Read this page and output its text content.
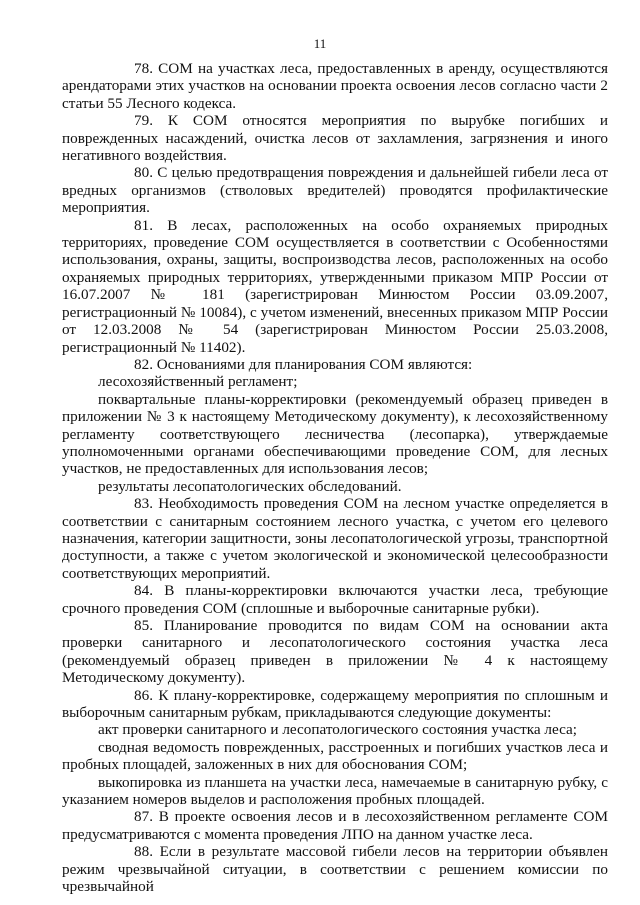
11

78. СОМ на участках леса, предоставленных в аренду, осуществляются арендаторами этих участков на основании проекта освоения лесов согласно части 2 статьи 55 Лесного кодекса.

79. К СОМ относятся мероприятия по вырубке погибших и поврежденных насаждений, очистка лесов от захламления, загрязнения и иного негативного воздействия.

80. С целью предотвращения повреждения и дальнейшей гибели леса от вредных организмов (стволовых вредителей) проводятся профилактические мероприятия.

81. В лесах, расположенных на особо охраняемых природных территориях, проведение СОМ осуществляется в соответствии с Особенностями использования, охраны, защиты, воспроизводства лесов, расположенных на особо охраняемых природных территориях, утвержденными приказом МПР России от 16.07.2007 № 181 (зарегистрирован Минюстом России 03.09.2007, регистрационный № 10084), с учетом изменений, внесенных приказом МПР России от 12.03.2008 № 54 (зарегистрирован Минюстом России 25.03.2008, регистрационный № 11402).

82. Основаниями для планирования СОМ являются:

лесохозяйственный регламент;

поквартальные планы-корректировки (рекомендуемый образец приведен в приложении № 3 к настоящему Методическому документу), к лесохозяйственному регламенту соответствующего лесничества (лесопарка), утверждаемые уполномоченными органами обеспечивающими проведение СОМ, для лесных участков, не предоставленных для использования лесов;

результаты лесопатологических обследований.

83. Необходимость проведения СОМ на лесном участке определяется в соответствии с санитарным состоянием лесного участка, с учетом его целевого назначения, категории защитности, зоны лесопатологической угрозы, транспортной доступности, а также с учетом экологической и экономической целесообразности соответствующих мероприятий.

84. В планы-корректировки включаются участки леса, требующие срочного проведения СОМ (сплошные и выборочные санитарные рубки).

85. Планирование проводится по видам СОМ на основании акта проверки санитарного и лесопатологического состояния участка леса (рекомендуемый образец приведен в приложении № 4 к настоящему Методическому документу).

86. К плану-корректировке, содержащему мероприятия по сплошным и выборочным санитарным рубкам, прикладываются следующие документы:

акт проверки санитарного и лесопатологического состояния участка леса;

сводная ведомость поврежденных, расстроенных и погибших участков леса и пробных площадей, заложенных в них для обоснования СОМ;

выкопировка из планшета на участки леса, намечаемые в санитарную рубку, с указанием номеров выделов и расположения пробных площадей.

87. В проекте освоения лесов и в лесохозяйственном регламенте СОМ предусматриваются с момента проведения ЛПО на данном участке леса.

88. Если в результате массовой гибели лесов на территории объявлен режим чрезвычайной ситуации, в соответствии с решением комиссии по чрезвычайной
